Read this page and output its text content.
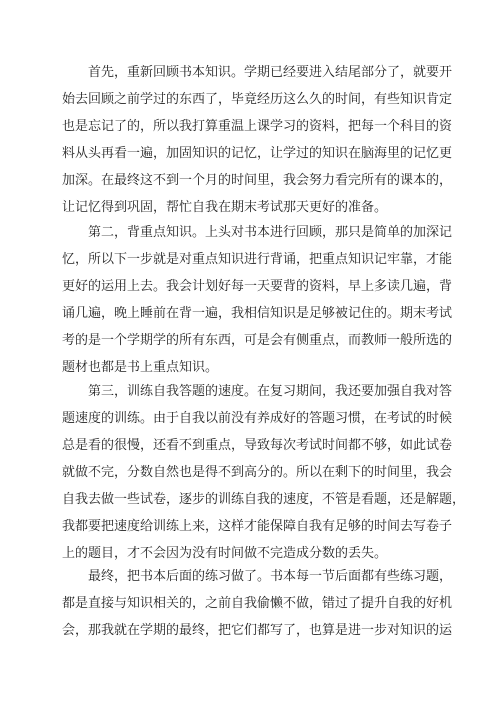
首先，重新回顾书本知识。学期已经要进入结尾部分了，就要开
始去回顾之前学过的东西了，毕竟经历这么久的时间，有些知识肯定
也是忘记了的，所以我打算重温上课学习的资料，把每一个科目的资
料从头再看一遍，加固知识的记忆，让学过的知识在脑海里的记忆更
加深。在最终这不到一个月的时间里，我会努力看完所有的课本的，
让记忆得到巩固，帮忙自我在期末考试那天更好的准备。
第二，背重点知识。上头对书本进行回顾，那只是简单的加深记
忆，所以下一步就是对重点知识进行背诵，把重点知识记牢靠，才能
更好的运用上去。我会计划好每一天要背的资料，早上多读几遍，背
诵几遍，晚上睡前在背一遍，我相信知识是足够被记住的。期末考试
考的是一个学期学的所有东西，可是会有侧重点，而教师一般所选的
题材也都是书上重点知识。
第三，训练自我答题的速度。在复习期间，我还要加强自我对答
题速度的训练。由于自我以前没有养成好的答题习惯，在考试的时候
总是看的很慢，还看不到重点，导致每次考试时间都不够，如此试卷
就做不完，分数自然也是得不到高分的。所以在剩下的时间里，我会
自我去做一些试卷，逐步的训练自我的速度，不管是看题，还是解题，
我都要把速度给训练上来，这样才能保障自我有足够的时间去写卷子
上的题目，才不会因为没有时间做不完造成分数的丢失。
最终，把书本后面的练习做了。书本每一节后面都有些练习题，
都是直接与知识相关的，之前自我偷懒不做，错过了提升自我的好机
会，那我就在学期的最终，把它们都写了，也算是进一步对知识的运
